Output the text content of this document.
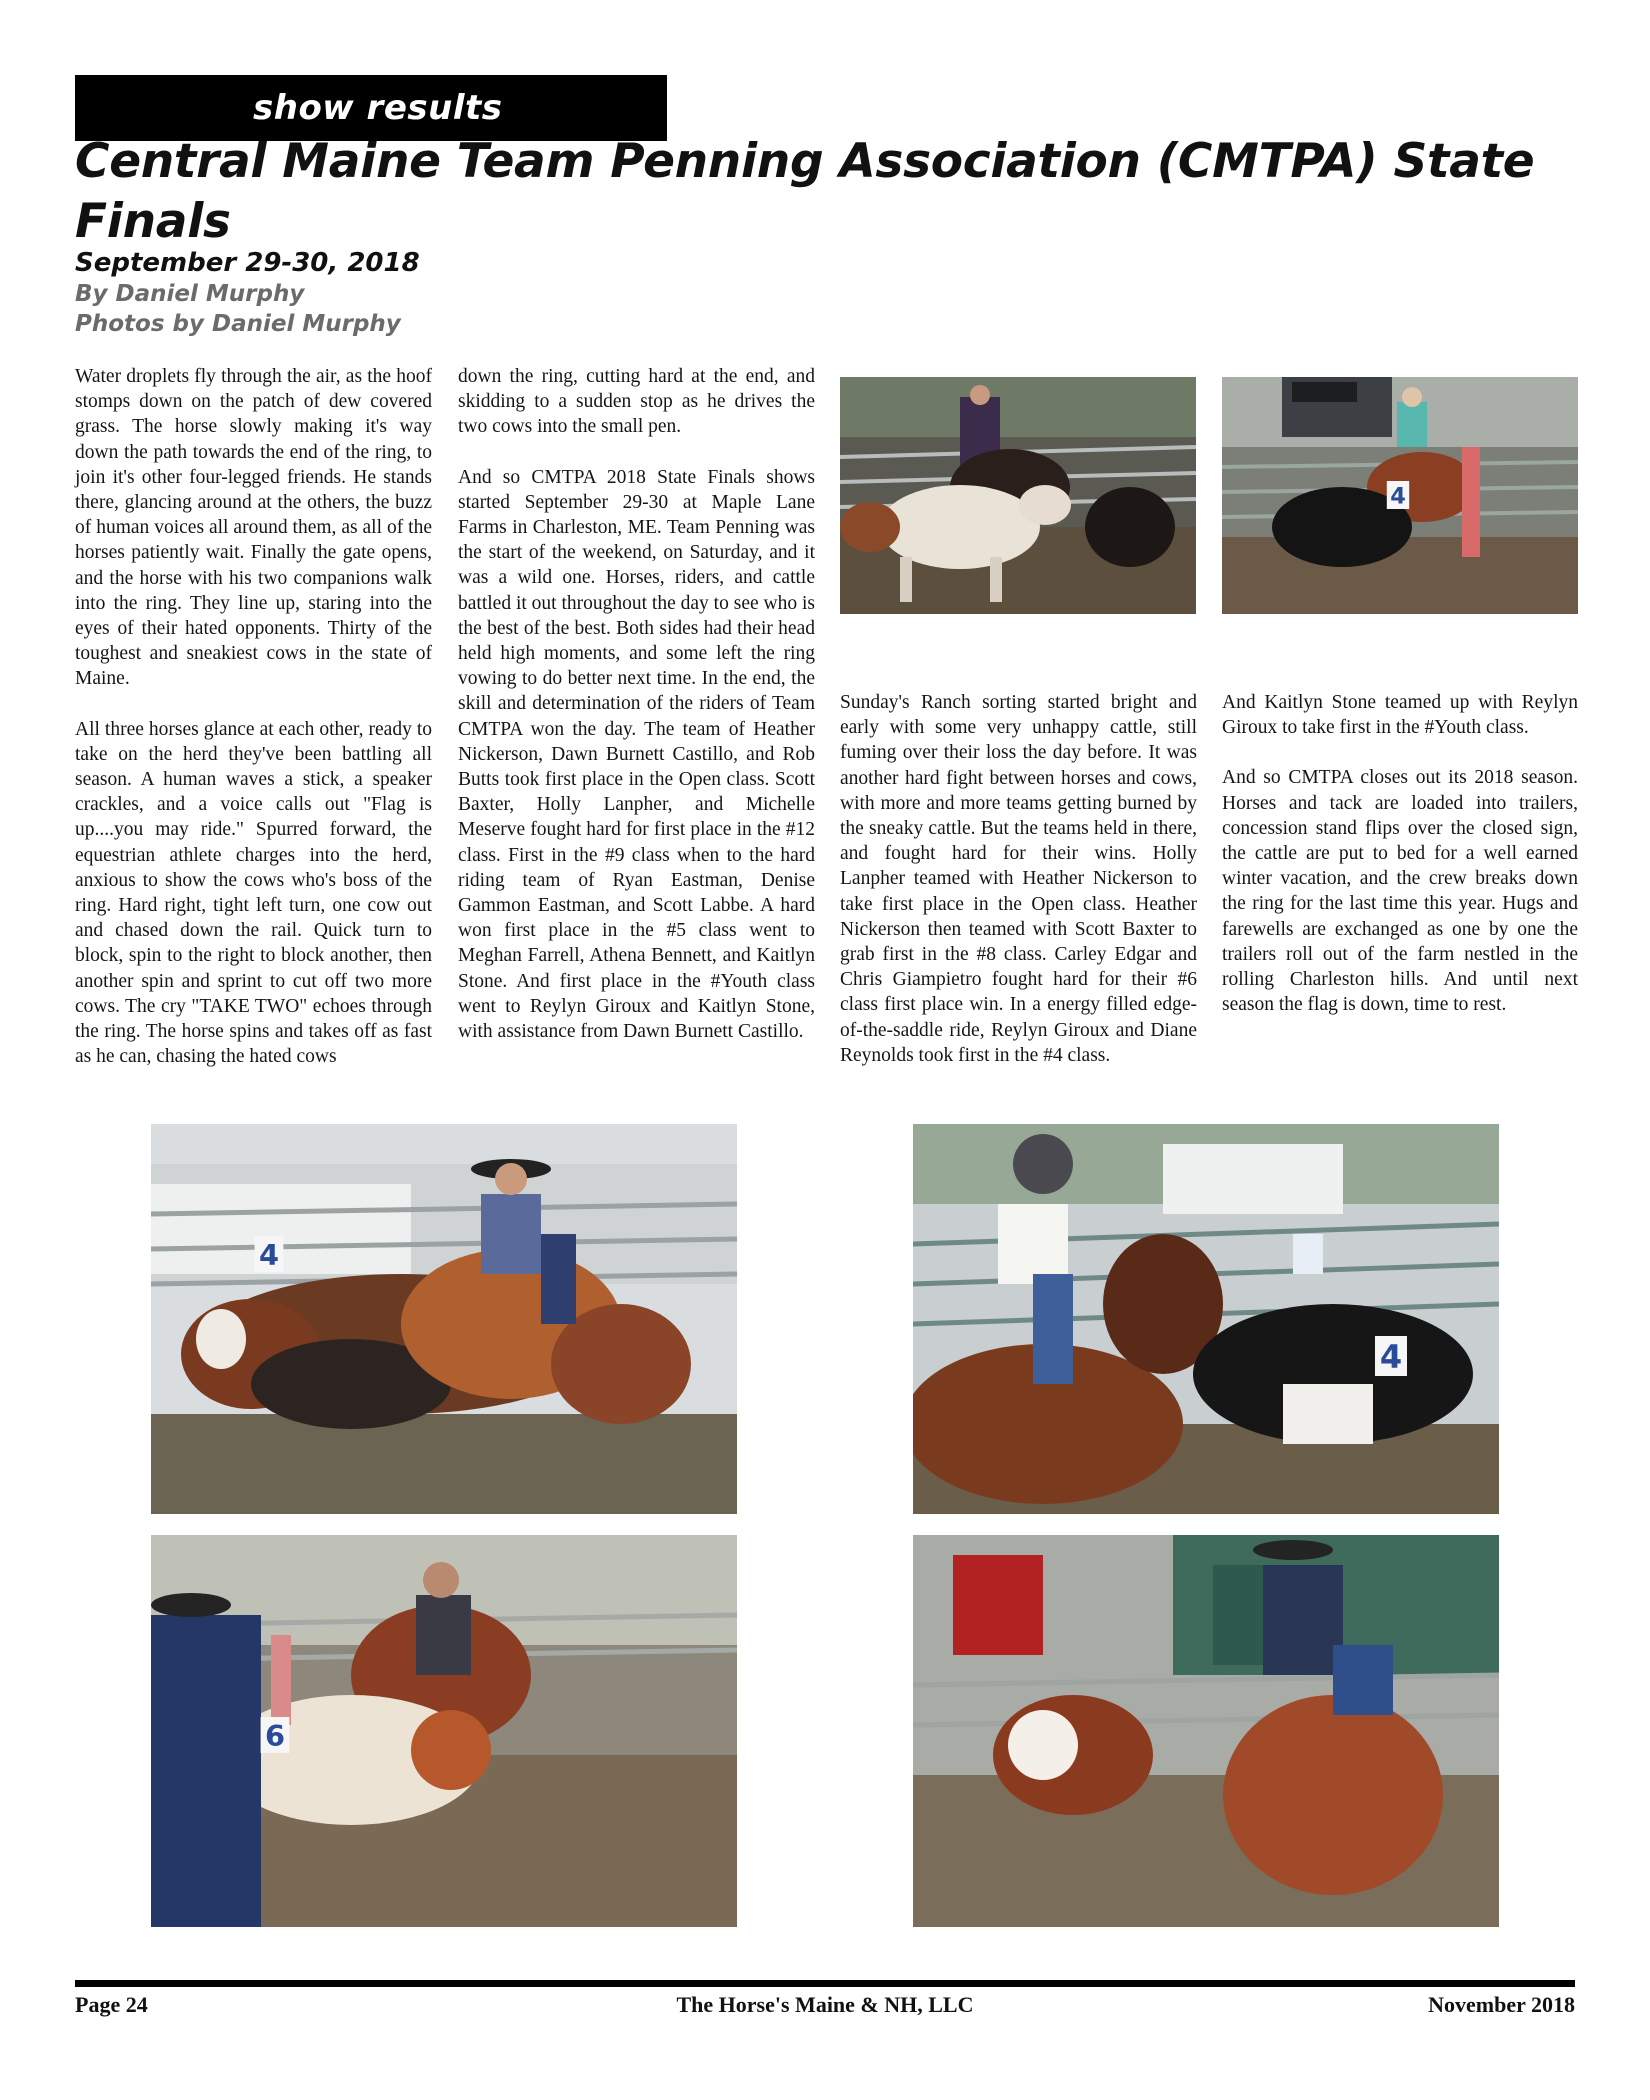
show results
Central Maine Team Penning Association (CMTPA) State Finals
September 29-30, 2018
By Daniel Murphy
Photos by Daniel Murphy

Water droplets fly through the air, as the hoof stomps down on the patch of dew covered grass. The horse slowly making it's way down the path towards the end of the ring, to join it's other four-legged friends. He stands there, glancing around at the others, the buzz of human voices all around them, as all of the horses patiently wait. Finally the gate opens, and the horse with his two companions walk into the ring. They line up, staring into the eyes of their hated opponents. Thirty of the toughest and sneakiest cows in the state of Maine.

All three horses glance at each other, ready to take on the herd they've been battling all season. A human waves a stick, a speaker crackles, and a voice calls out "Flag is up....you may ride." Spurred forward, the equestrian athlete charges into the herd, anxious to show the cows who's boss of the ring. Hard right, tight left turn, one cow out and chased down the rail. Quick turn to block, spin to the right to block another, then another spin and sprint to cut off two more cows. The cry "TAKE TWO" echoes through the ring. The horse spins and takes off as fast as he can, chasing the hated cows

down the ring, cutting hard at the end, and skidding to a sudden stop as he drives the two cows into the small pen.

And so CMTPA 2018 State Finals shows started September 29-30 at Maple Lane Farms in Charleston, ME. Team Penning was the start of the weekend, on Saturday, and it was a wild one. Horses, riders, and cattle battled it out throughout the day to see who is the best of the best. Both sides had their head held high moments, and some left the ring vowing to do better next time. In the end, the skill and determination of the riders of Team CMTPA won the day. The team of Heather Nickerson, Dawn Burnett Castillo, and Rob Butts took first place in the Open class. Scott Baxter, Holly Lanpher, and Michelle Meserve fought hard for first place in the #12 class. First in the #9 class when to the hard riding team of Ryan Eastman, Denise Gammon Eastman, and Scott Labbe. A hard won first place in the #5 class went to Meghan Farrell, Athena Bennett, and Kaitlyn Stone. And first place in the #Youth class went to Reylyn Giroux and Kaitlyn Stone, with assistance from Dawn Burnett Castillo.

Sunday's Ranch sorting started bright and early with some very unhappy cattle, still fuming over their loss the day before. It was another hard fight between horses and cows, with more and more teams getting burned by the sneaky cattle. But the teams held in there, and fought hard for their wins. Holly Lanpher teamed with Heather Nickerson to take first place in the Open class. Heather Nickerson then teamed with Scott Baxter to grab first in the #8 class. Carley Edgar and Chris Giampietro fought hard for their #6 class first place win. In a energy filled edge-of-the-saddle ride, Reylyn Giroux and Diane Reynolds took first in the #4 class.

And Kaitlyn Stone teamed up with Reylyn Giroux to take first in the #Youth class.

And so CMTPA closes out its 2018 season. Horses and tack are loaded into trailers, concession stand flips over the closed sign, the cattle are put to bed for a well earned winter vacation, and the crew breaks down the ring for the last time this year. Hugs and farewells are exchanged as one by one the trailers roll out of the farm nestled in the rolling Charleston hills. And until next season the flag is down, time to rest.

4
4
4
6
Page 24	The Horse's Maine & NH, LLC	November 2018
